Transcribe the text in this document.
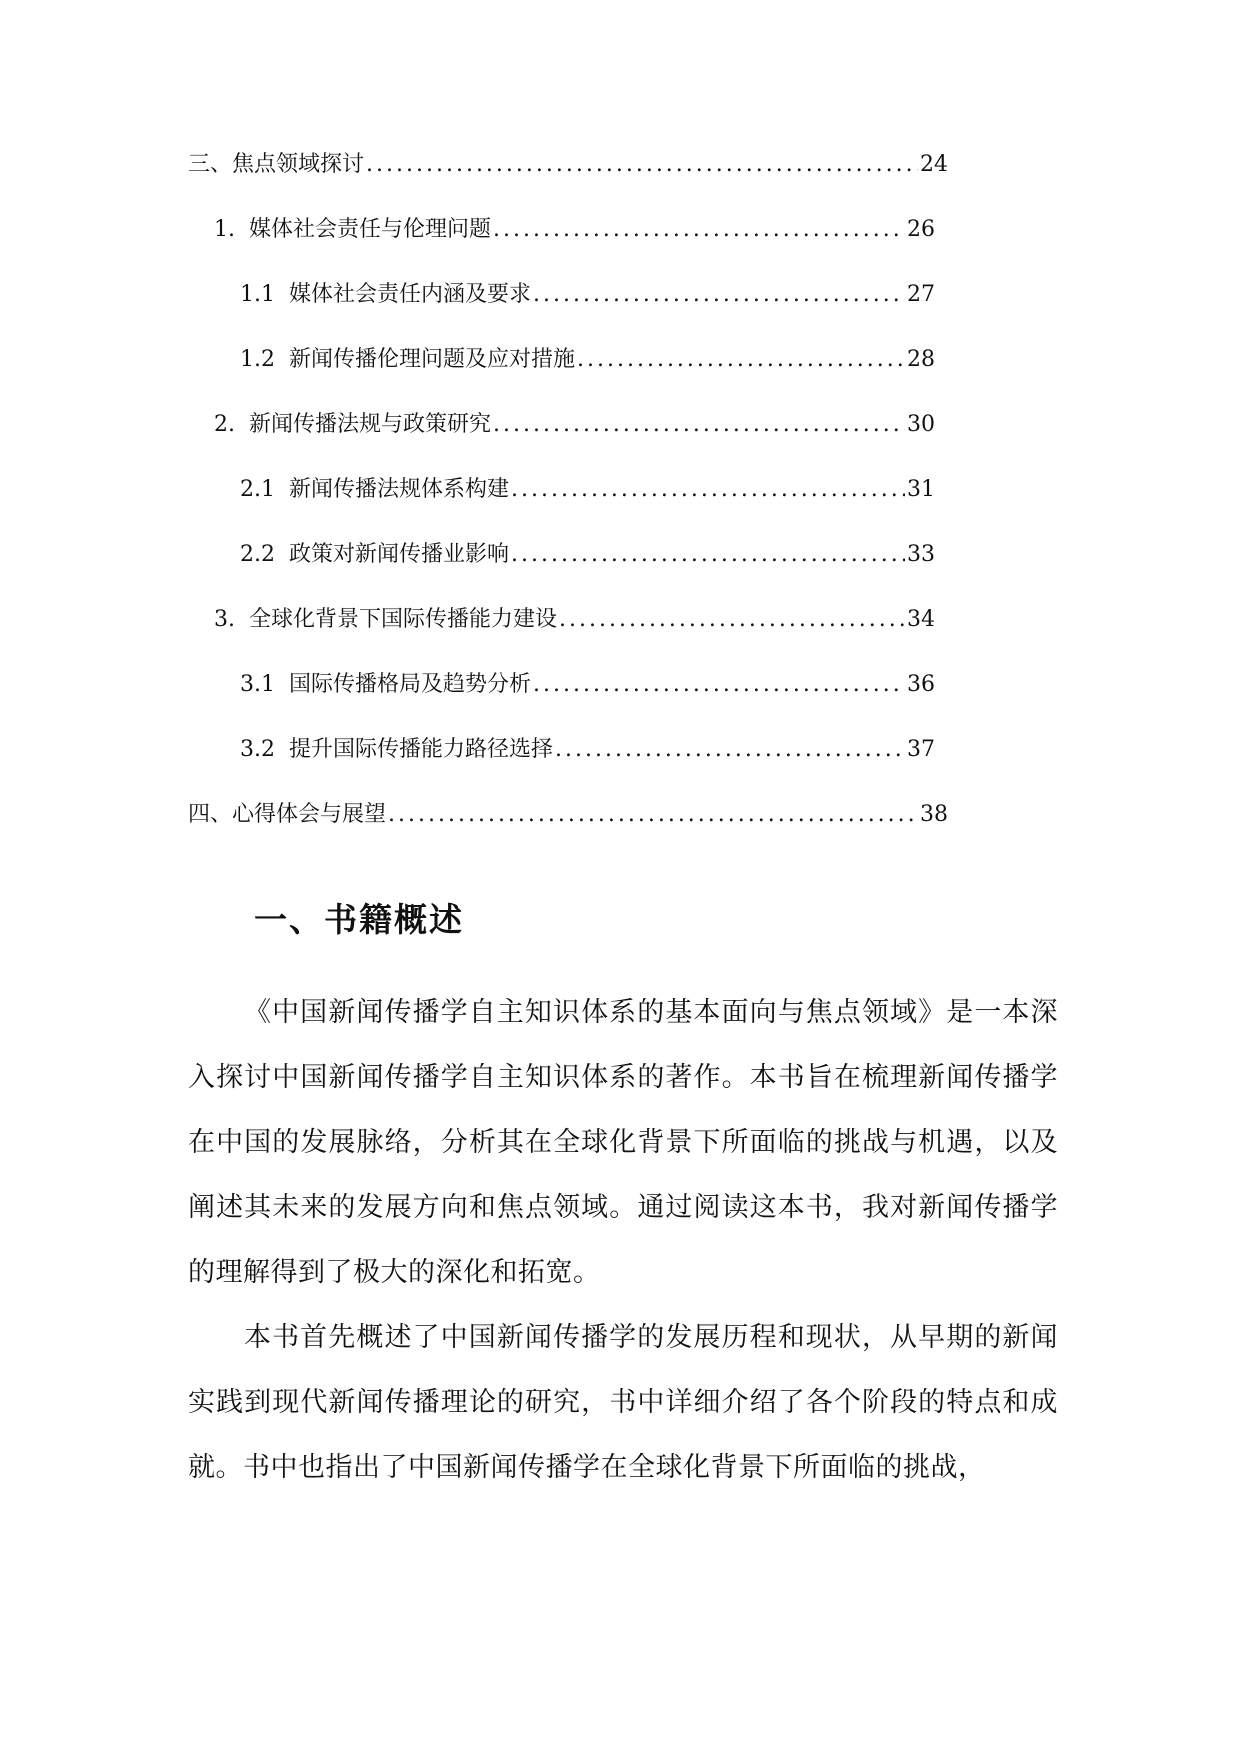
三、焦点领域探讨 .....	24
1. 媒体社会责任与伦理问题 .....	26
1.1 媒体社会责任内涵及要求 .....	27
1.2 新闻传播伦理问题及应对措施 .....	28
2. 新闻传播法规与政策研究 .....	30
2.1 新闻传播法规体系构建 .....	31
2.2 政策对新闻传播业影响 .....	33
3. 全球化背景下国际传播能力建设 .....	34
3.1 国际传播格局及趋势分析 .....	36
3.2 提升国际传播能力路径选择 .....	37
四、心得体会与展望 .....	38
一、书籍概述

《中国新闻传播学自主知识体系的基本面向与焦点领域》是一本深入探讨中国新闻传播学自主知识体系的著作。本书旨在梳理新闻传播学在中国的发展脉络，分析其在全球化背景下所面临的挑战与机遇，以及阐述其未来的发展方向和焦点领域。通过阅读这本书，我对新闻传播学的理解得到了极大的深化和拓宽。

本书首先概述了中国新闻传播学的发展历程和现状，从早期的新闻实践到现代新闻传播理论的研究，书中详细介绍了各个阶段的特点和成就。书中也指出了中国新闻传播学在全球化背景下所面临的挑战，
